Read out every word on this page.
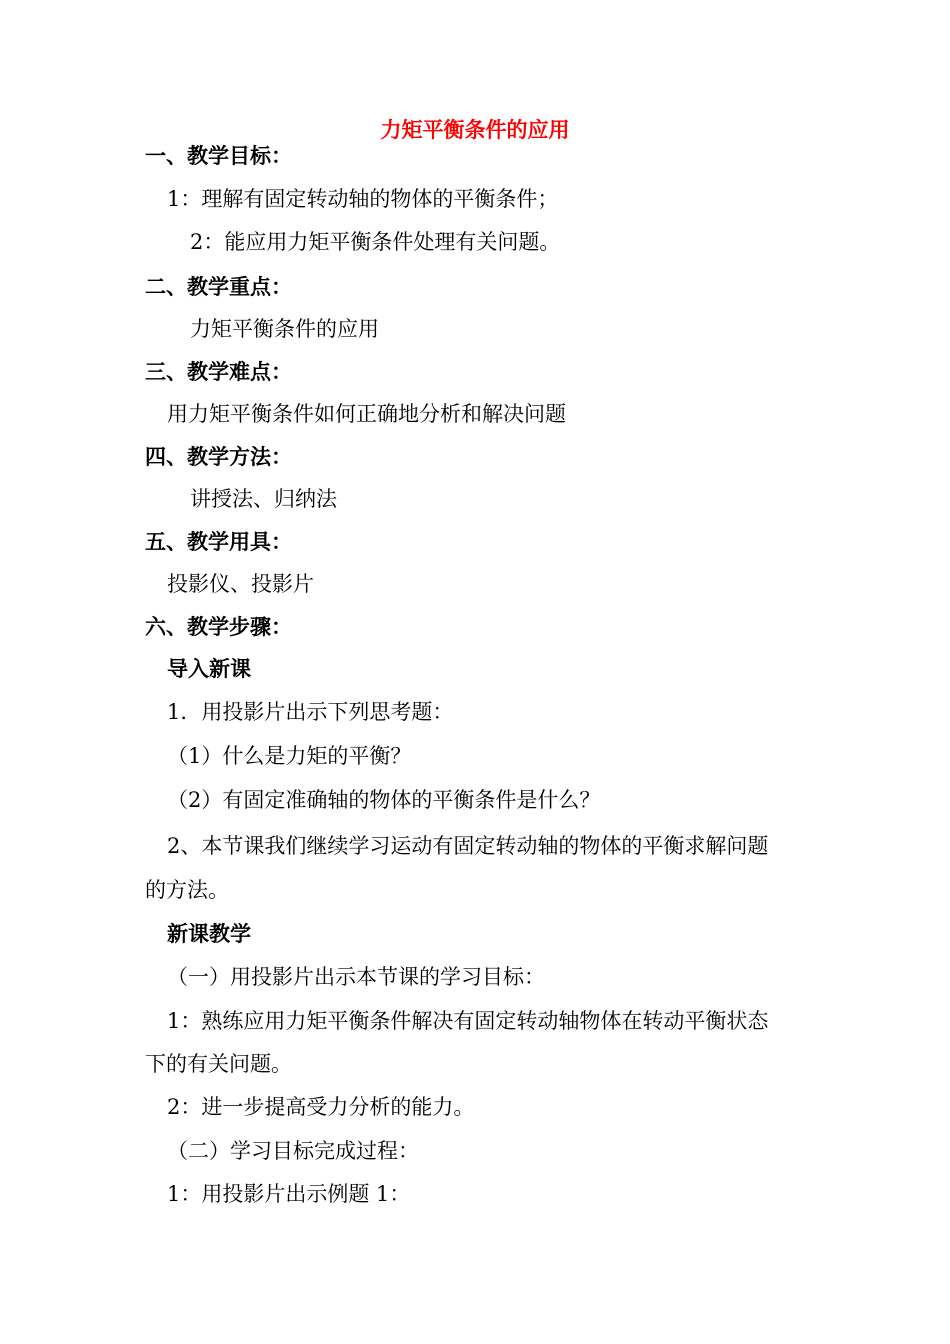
力矩平衡条件的应用
一、教学目标：
1：理解有固定转动轴的物体的平衡条件；
2：能应用力矩平衡条件处理有关问题。
二、教学重点：
力矩平衡条件的应用
三、教学难点：
用力矩平衡条件如何正确地分析和解决问题
四、教学方法：
讲授法、归纳法
五、教学用具：
投影仪、投影片
六、教学步骤：
导入新课
1．用投影片出示下列思考题：
（1）什么是力矩的平衡？
（2）有固定准确轴的物体的平衡条件是什么？
2、本节课我们继续学习运动有固定转动轴的物体的平衡求解问题
的方法。
新课教学
（一）用投影片出示本节课的学习目标：
1：熟练应用力矩平衡条件解决有固定转动轴物体在转动平衡状态
下的有关问题。
2：进一步提高受力分析的能力。
（二）学习目标完成过程：
1：用投影片出示例题 1：
